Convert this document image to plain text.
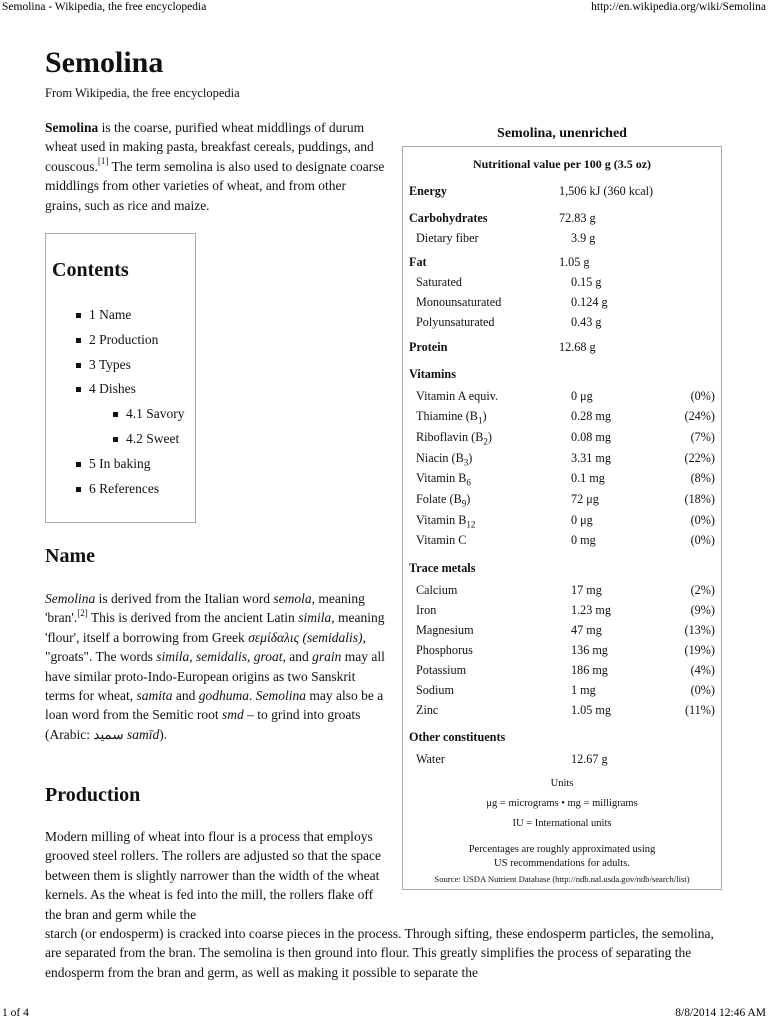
Semolina - Wikipedia, the free encyclopedia	http://en.wikipedia.org/wiki/Semolina
Semolina

From Wikipedia, the free encyclopedia

Semolina is the coarse, purified wheat middlings of durum wheat used in making pasta, breakfast cereals, puddings, and couscous.[1] The term semolina is also used to designate coarse middlings from other varieties of wheat, and from other grains, such as rice and maize.

Contents
1 Name
2 Production
3 Types
4 Dishes
4.1 Savory
4.2 Sweet
5 In baking
6 References
Name

Semolina is derived from the Italian word semola, meaning 'bran'.[2] This is derived from the ancient Latin simila, meaning 'flour', itself a borrowing from Greek σεμίδαλις (semidalis), "groats". The words simila, semidalis, groat, and grain may all have similar proto-Indo-European origins as two Sanskrit terms for wheat, samita and godhuma. Semolina may also be a loan word from the Semitic root smd – to grind into groats (Arabic: سميد samīd).

Production

Modern milling of wheat into flour is a process that employs grooved steel rollers. The rollers are adjusted so that the space between them is slightly narrower than the width of the wheat kernels. As the wheat is fed into the mill, the rollers flake off the bran and germ while the
starch (or endosperm) is cracked into coarse pieces in the process. Through sifting, these endosperm particles, the semolina, are separated from the bran. The semolina is then ground into flour. This greatly simplifies the process of separating the endosperm from the bran and germ, as well as making it possible to separate the

Semolina, unenriched
Nutritional value per 100 g (3.5 oz)
Energy	1,506 kJ (360 kcal)
Carbohydrates	72.83 g
Dietary fiber	3.9 g
Fat	1.05 g
Saturated	0.15 g
Monounsaturated	0.124 g
Polyunsaturated	0.43 g
Protein	12.68 g
Vitamins
Vitamin A equiv.	0 μg	(0%)
Thiamine $(B_1)$	0.28 mg	(24%)
Riboflavin $(B_2)$	0.08 mg	(7%)
Niacin $(B_3)$	3.31 mg	(22%)
Vitamin $B_6$	0.1 mg	(8%)
Folate $(B_9)$	72 μg	(18%)
Vitamin $B_{12}$	0 μg	(0%)
Vitamin C	0 mg	(0%)
Trace metals
Calcium	17 mg	(2%)
Iron	1.23 mg	(9%)
Magnesium	47 mg	(13%)
Phosphorus	136 mg	(19%)
Potassium	186 mg	(4%)
Sodium	1 mg	(0%)
Zinc	1.05 mg	(11%)
Other constituents
Water	12.67 g
Units
μg = micrograms • mg = milligrams
IU = International units
Percentages are roughly approximated using
US recommendations for adults.
Source: USDA Nutrient Database (http://ndb.nal.usda.gov/ndb/search/list)
1 of 4	8/8/2014 12:46 AM
